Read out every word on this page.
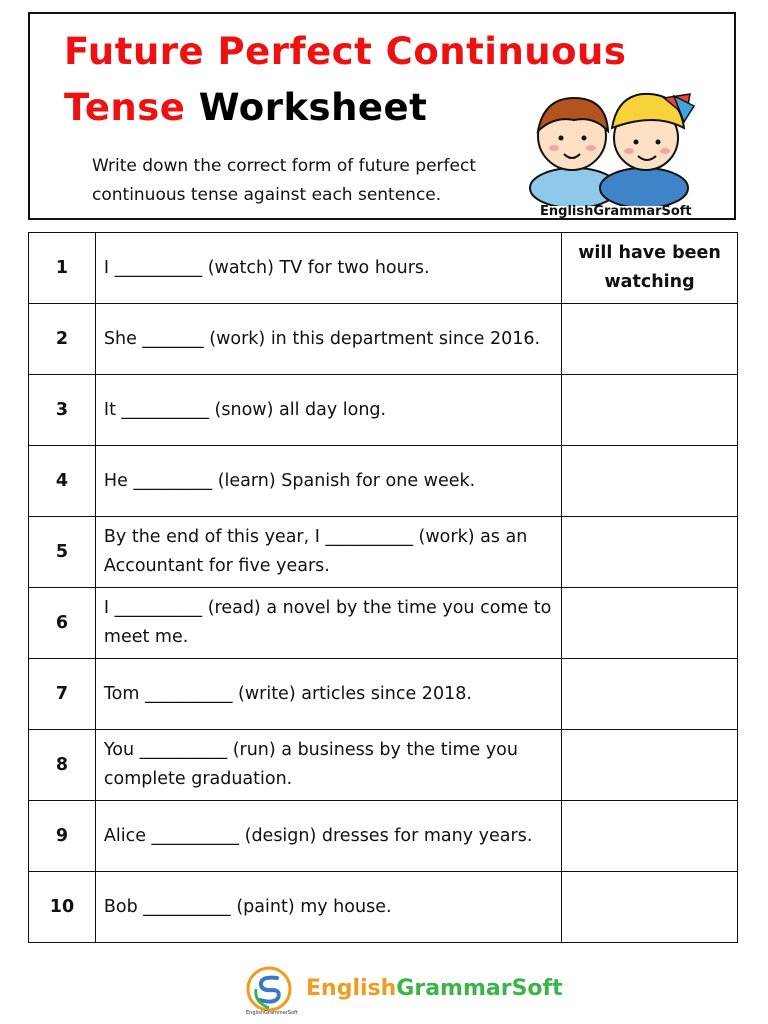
Future Perfect Continuous
Tense Worksheet
Write down the correct form of future perfect continuous tense against each sentence.
EnglishGrammarSoft
1	I __________ (watch) TV for two hours.	will have been watching
2	She _______ (work) in this department since 2016.	
3	It __________ (snow) all day long.	
4	He _________ (learn) Spanish for one week.	
5	By the end of this year, I __________ (work) as an Accountant for five years.	
6	I __________ (read) a novel by the time you come to meet me.	
7	Tom __________ (write) articles since 2018.	
8	You __________ (run) a business by the time you complete graduation.	
9	Alice __________ (design) dresses for many years.	
10	Bob __________ (paint) my house.	
EnglishGrammarSoft
EnglishGrammarSoft
